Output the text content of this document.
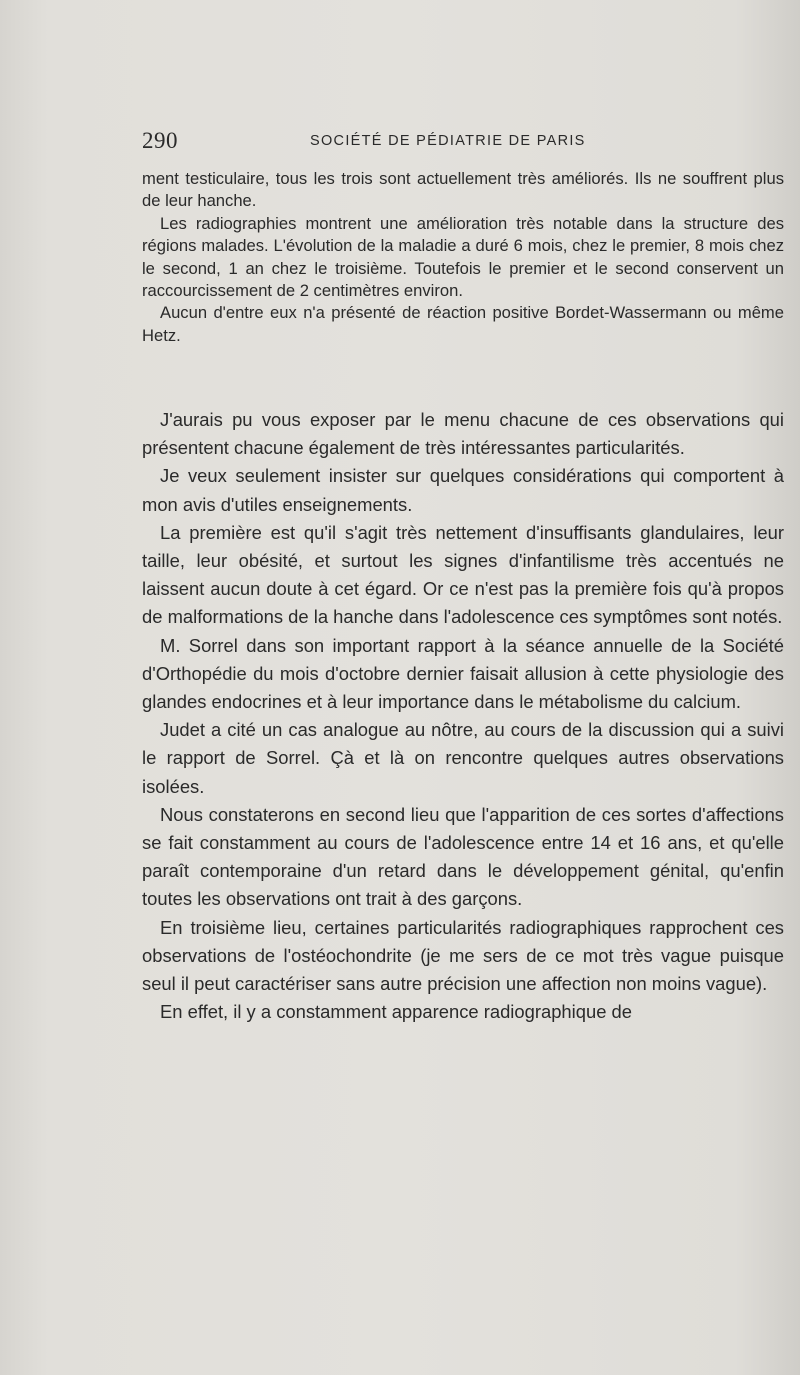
290	SOCIÉTÉ DE PÉDIATRIE DE PARIS

ment testiculaire, tous les trois sont actuellement très améliorés. Ils ne souffrent plus de leur hanche.

Les radiographies montrent une amélioration très notable dans la structure des régions malades. L'évolution de la maladie a duré 6 mois, chez le premier, 8 mois chez le second, 1 an chez le troisième. Toutefois le premier et le second conservent un raccourcissement de 2 centimètres environ.

Aucun d'entre eux n'a présenté de réaction positive Bordet-Wassermann ou même Hetz.

J'aurais pu vous exposer par le menu chacune de ces observations qui présentent chacune également de très intéressantes particularités.

Je veux seulement insister sur quelques considérations qui comportent à mon avis d'utiles enseignements.

La première est qu'il s'agit très nettement d'insuffisants glandulaires, leur taille, leur obésité, et surtout les signes d'infantilisme très accentués ne laissent aucun doute à cet égard. Or ce n'est pas la première fois qu'à propos de malformations de la hanche dans l'adolescence ces symptômes sont notés.

M. Sorrel dans son important rapport à la séance annuelle de la Société d'Orthopédie du mois d'octobre dernier faisait allusion à cette physiologie des glandes endocrines et à leur importance dans le métabolisme du calcium.

Judet a cité un cas analogue au nôtre, au cours de la discussion qui a suivi le rapport de Sorrel. Çà et là on rencontre quelques autres observations isolées.

Nous constaterons en second lieu que l'apparition de ces sortes d'affections se fait constamment au cours de l'adolescence entre 14 et 16 ans, et qu'elle paraît contemporaine d'un retard dans le développement génital, qu'enfin toutes les observations ont trait à des garçons.

En troisième lieu, certaines particularités radiographiques rapprochent ces observations de l'ostéochondrite (je me sers de ce mot très vague puisque seul il peut caractériser sans autre précision une affection non moins vague).

En effet, il y a constamment apparence radiographique de
